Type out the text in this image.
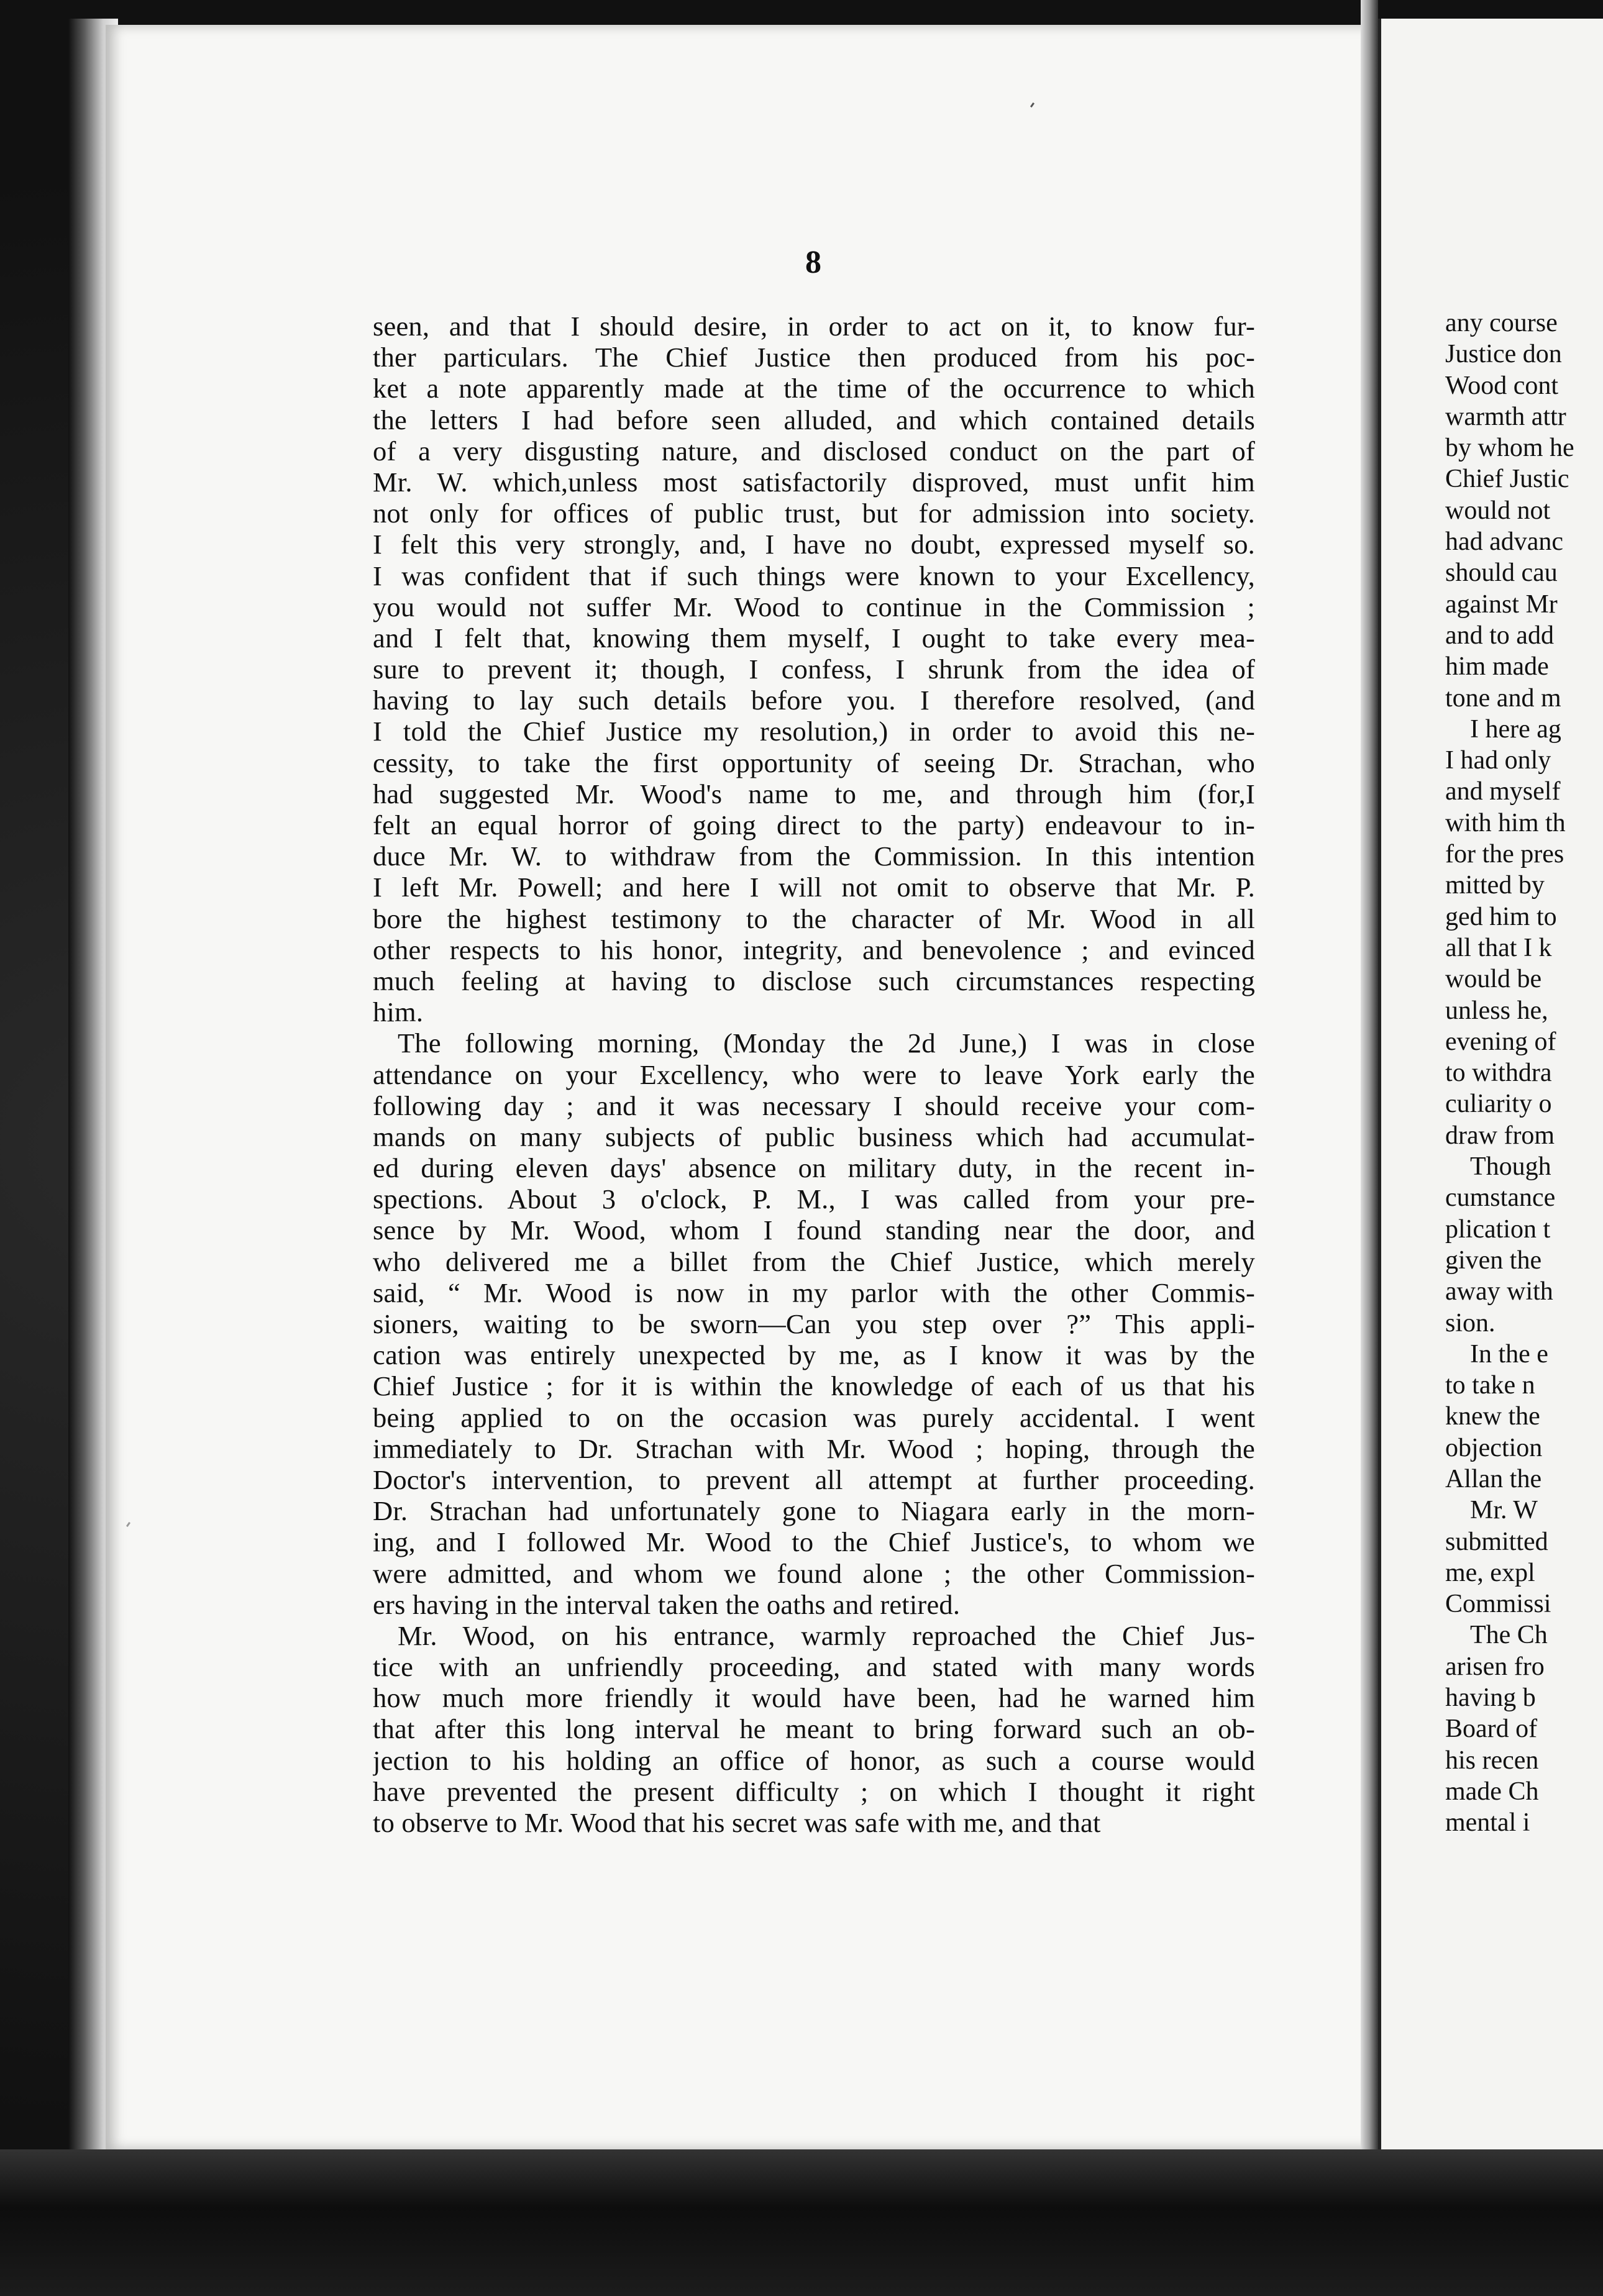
8
seen, and that I should desire, in order to act on it, to know fur-
ther particulars. The Chief Justice then produced from his poc-
ket a note apparently made at the time of the occurrence to which
the letters I had before seen alluded, and which contained details
of a very disgusting nature, and disclosed conduct on the part of
Mr. W. which,unless most satisfactorily disproved, must unfit him
not only for offices of public trust, but for admission into society.
I felt this very strongly, and, I have no doubt, expressed myself so.
I was confident that if such things were known to your Excellency,
you would not suffer Mr. Wood to continue in the Commission ;
and I felt that, knowing them myself, I ought to take every mea-
sure to prevent it; though, I confess, I shrunk from the idea of
having to lay such details before you. I therefore resolved, (and
I told the Chief Justice my resolution,) in order to avoid this ne-
cessity, to take the first opportunity of seeing Dr. Strachan, who
had suggested Mr. Wood's name to me, and through him (for,I
felt an equal horror of going direct to the party) endeavour to in-
duce Mr. W. to withdraw from the Commission. In this intention
I left Mr. Powell; and here I will not omit to observe that Mr. P.
bore the highest testimony to the character of Mr. Wood in all
other respects to his honor, integrity, and benevolence ; and evinced
much feeling at having to disclose such circumstances respecting
him.
The following morning, (Monday the 2d June,) I was in close
attendance on your Excellency, who were to leave York early the
following day ; and it was necessary I should receive your com-
mands on many subjects of public business which had accumulat-
ed during eleven days' absence on military duty, in the recent in-
spections. About 3 o'clock, P. M., I was called from your pre-
sence by Mr. Wood, whom I found standing near the door, and
who delivered me a billet from the Chief Justice, which merely
said, “ Mr. Wood is now in my parlor with the other Commis-
sioners, waiting to be sworn—Can you step over ?” This appli-
cation was entirely unexpected by me, as I know it was by the
Chief Justice ; for it is within the knowledge of each of us that his
being applied to on the occasion was purely accidental. I went
immediately to Dr. Strachan with Mr. Wood ; hoping, through the
Doctor's intervention, to prevent all attempt at further proceeding.
Dr. Strachan had unfortunately gone to Niagara early in the morn-
ing, and I followed Mr. Wood to the Chief Justice's, to whom we
were admitted, and whom we found alone ; the other Commission-
ers having in the interval taken the oaths and retired.
Mr. Wood, on his entrance, warmly reproached the Chief Jus-
tice with an unfriendly proceeding, and stated with many words
how much more friendly it would have been, had he warned him
that after this long interval he meant to bring forward such an ob-
jection to his holding an office of honor, as such a course would
have prevented the present difficulty ; on which I thought it right
to observe to Mr. Wood that his secret was safe with me, and that
any course
Justice don
Wood cont
warmth attr
by whom he
Chief Justic
would not
had advanc
should cau
against Mr
and to add
him made
tone and m
I here ag
I had only
and myself
with him th
for the pres
mitted by
ged him to
all that I k
would be
unless he,
evening of
to withdra
culiarity o
draw from
Though
cumstance
plication t
given the
away with
sion.
In the e
to take n
knew the
objection
Allan the
Mr. W
submitted
me, expl
Commissi
The Ch
arisen fro
having b
Board of
his recen
made Ch
mental i
